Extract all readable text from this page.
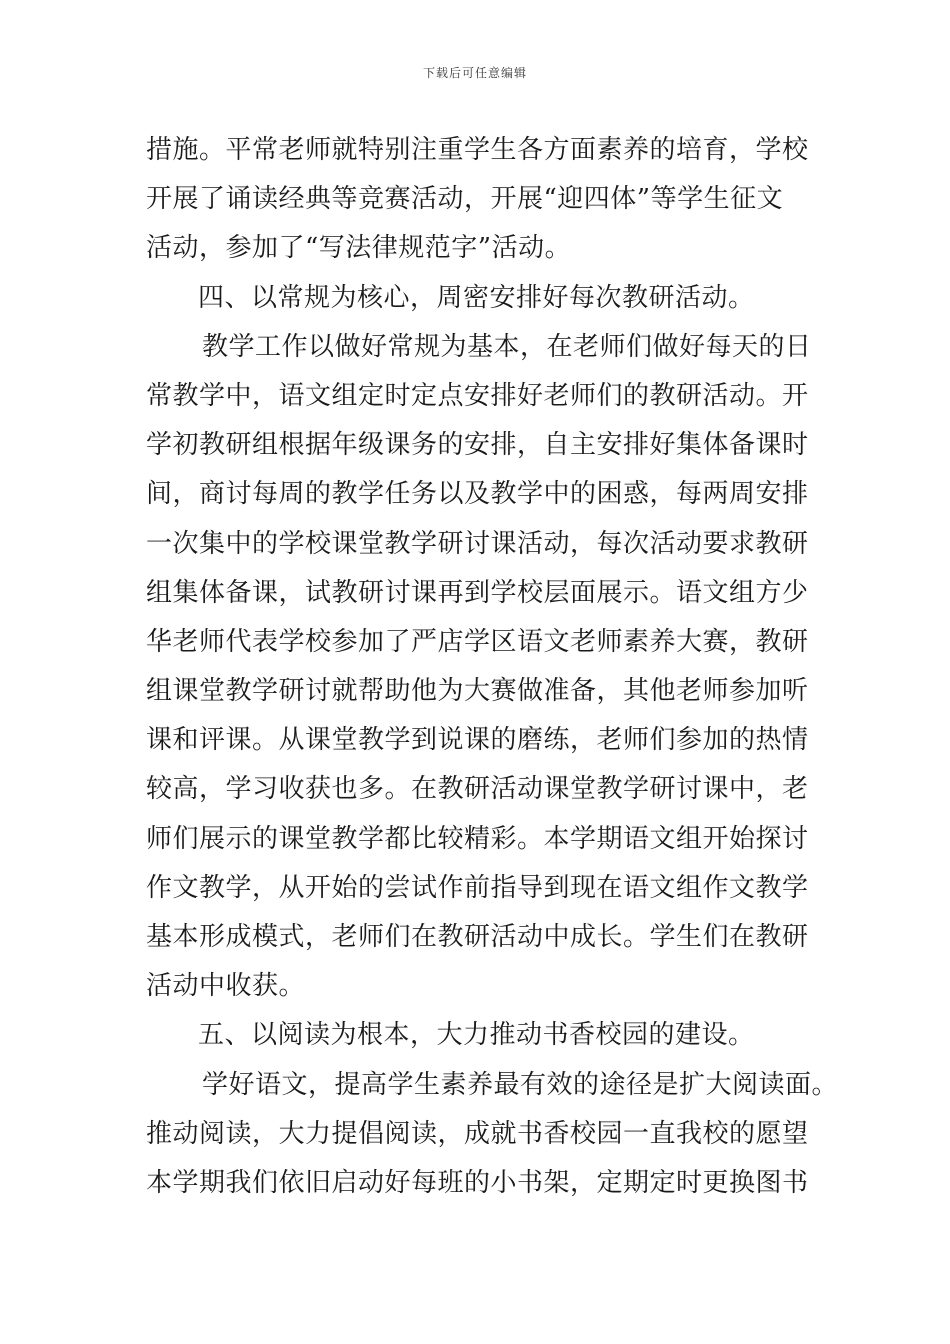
下载后可任意编辑
措施。平常老师就特别注重学生各方面素养的培育，学校
开展了诵读经典等竞赛活动，开展“迎四体”等学生征文
活动，参加了“写法律规范字”活动。
四、以常规为核心，周密安排好每次教研活动。
教学工作以做好常规为基本，在老师们做好每天的日
常教学中，语文组定时定点安排好老师们的教研活动。开
学初教研组根据年级课务的安排，自主安排好集体备课时
间，商讨每周的教学任务以及教学中的困惑，每两周安排
一次集中的学校课堂教学研讨课活动，每次活动要求教研
组集体备课，试教研讨课再到学校层面展示。语文组方少
华老师代表学校参加了严店学区语文老师素养大赛，教研
组课堂教学研讨就帮助他为大赛做准备，其他老师参加听
课和评课。从课堂教学到说课的磨练，老师们参加的热情
较高，学习收获也多。在教研活动课堂教学研讨课中，老
师们展示的课堂教学都比较精彩。本学期语文组开始探讨
作文教学，从开始的尝试作前指导到现在语文组作文教学
基本形成模式，老师们在教研活动中成长。学生们在教研
活动中收获。
五、以阅读为根本，大力推动书香校园的建设。
学好语文，提高学生素养最有效的途径是扩大阅读面。
推动阅读，大力提倡阅读，成就书香校园一直我校的愿望
本学期我们依旧启动好每班的小书架，定期定时更换图书
